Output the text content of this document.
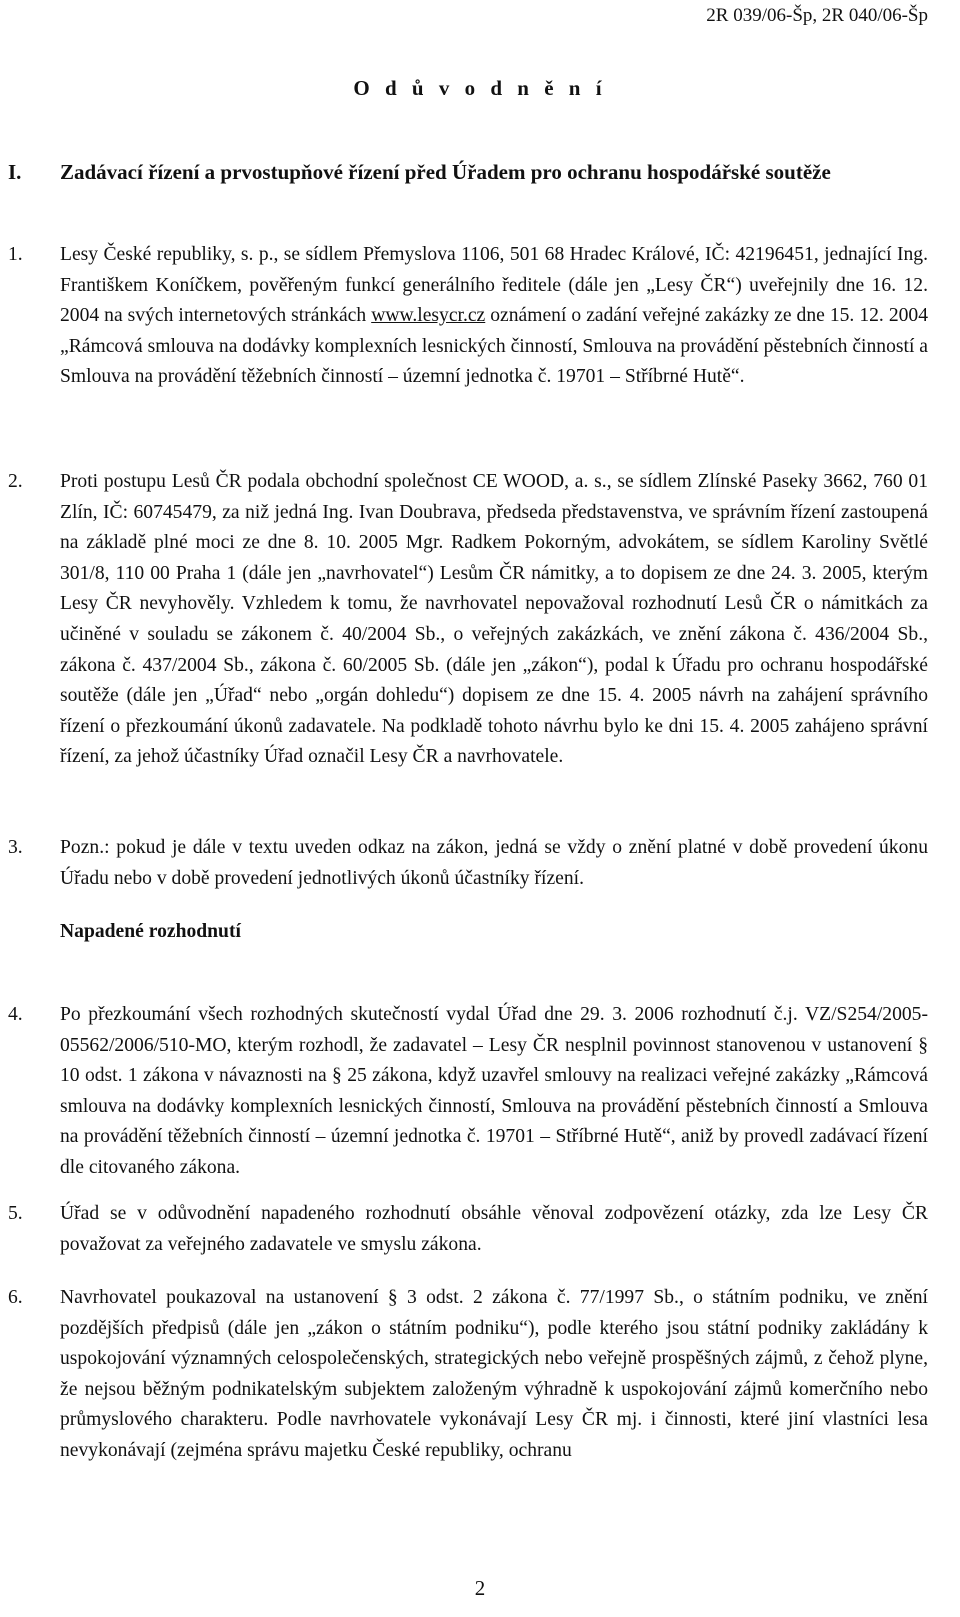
2R 039/06-Šp, 2R 040/06-Šp
O d ů v o d n ě n í
I. Zadávací řízení a prvostupňové řízení před Úřadem pro ochranu hospodářské soutěže
1. Lesy České republiky, s. p., se sídlem Přemyslova 1106, 501 68 Hradec Králové, IČ: 42196451, jednající Ing. Františkem Koníčkem, pověřeným funkcí generálního ředitele (dále jen „Lesy ČR“) uveřejnily dne 16. 12. 2004 na svých internetových stránkách www.lesycr.cz oznámení o zadání veřejné zakázky ze dne 15. 12. 2004 „Rámcová smlouva na dodávky komplexních lesnických činností, Smlouva na provádění pěstebních činností a Smlouva na provádění těžebních činností – územní jednotka č. 19701 – Stříbrné Hutě“.
2. Proti postupu Lesů ČR podala obchodní společnost CE WOOD, a. s., se sídlem Zlínské Paseky 3662, 760 01 Zlín, IČ: 60745479, za niž jedná Ing. Ivan Doubrava, předseda představenstva, ve správním řízení zastoupená na základě plné moci ze dne 8. 10. 2005 Mgr. Radkem Pokorným, advokátem, se sídlem Karoliny Světlé 301/8, 110 00 Praha 1 (dále jen „navrhovatel“) Lesům ČR námitky, a to dopisem ze dne 24. 3. 2005, kterým Lesy ČR nevyhověly. Vzhledem k tomu, že navrhovatel nepovažoval rozhodnutí Lesů ČR o námitkách za učiněné v souladu se zákonem č. 40/2004 Sb., o veřejných zakázkách, ve znění zákona č. 436/2004 Sb., zákona č. 437/2004 Sb., zákona č. 60/2005 Sb. (dále jen „zákon“), podal k Úřadu pro ochranu hospodářské soutěže (dále jen „Úřad“ nebo „orgán dohledu“) dopisem ze dne 15. 4. 2005 návrh na zahájení správního řízení o přezkoumání úkonů zadavatele. Na podkladě tohoto návrhu bylo ke dni 15. 4. 2005 zahájeno správní řízení, za jehož účastníky Úřad označil Lesy ČR a navrhovatele.
3. Pozn.: pokud je dále v textu uveden odkaz na zákon, jedná se vždy o znění platné v době provedení úkonu Úřadu nebo v době provedení jednotlivých úkonů účastníky řízení.
Napadené rozhodnutí
4. Po přezkoumání všech rozhodných skutečností vydal Úřad dne 29. 3. 2006 rozhodnutí č.j. VZ/S254/2005-05562/2006/510-MO, kterým rozhodl, že zadavatel – Lesy ČR nesplnil povinnost stanovenou v ustanovení § 10 odst. 1 zákona v návaznosti na § 25 zákona, když uzavřel smlouvy na realizaci veřejné zakázky „Rámcová smlouva na dodávky komplexních lesnických činností, Smlouva na provádění pěstebních činností a Smlouva na provádění těžebních činností – územní jednotka č. 19701 – Stříbrné Hutě“, aniž by provedl zadávací řízení dle citovaného zákona.
5. Úřad se v odůvodnění napadeného rozhodnutí obsáhle věnoval zodpovězení otázky, zda lze Lesy ČR považovat za veřejného zadavatele ve smyslu zákona.
6. Navrhovatel poukazoval na ustanovení § 3 odst. 2 zákona č. 77/1997 Sb., o státním podniku, ve znění pozdějších předpisů (dále jen „zákon o státním podniku“), podle kterého jsou státní podniky zakládány k uspokojování významných celospolečenských, strategických nebo veřejně prospěšných zájmů, z čehož plyne, že nejsou běžným podnikatelským subjektem založeným výhradně k uspokojování zájmů komerčního nebo průmyslového charakteru. Podle navrhovatele vykonávají Lesy ČR mj. i činnosti, které jiní vlastníci lesa nevykonávají (zejména správu majetku České republiky, ochranu
2
